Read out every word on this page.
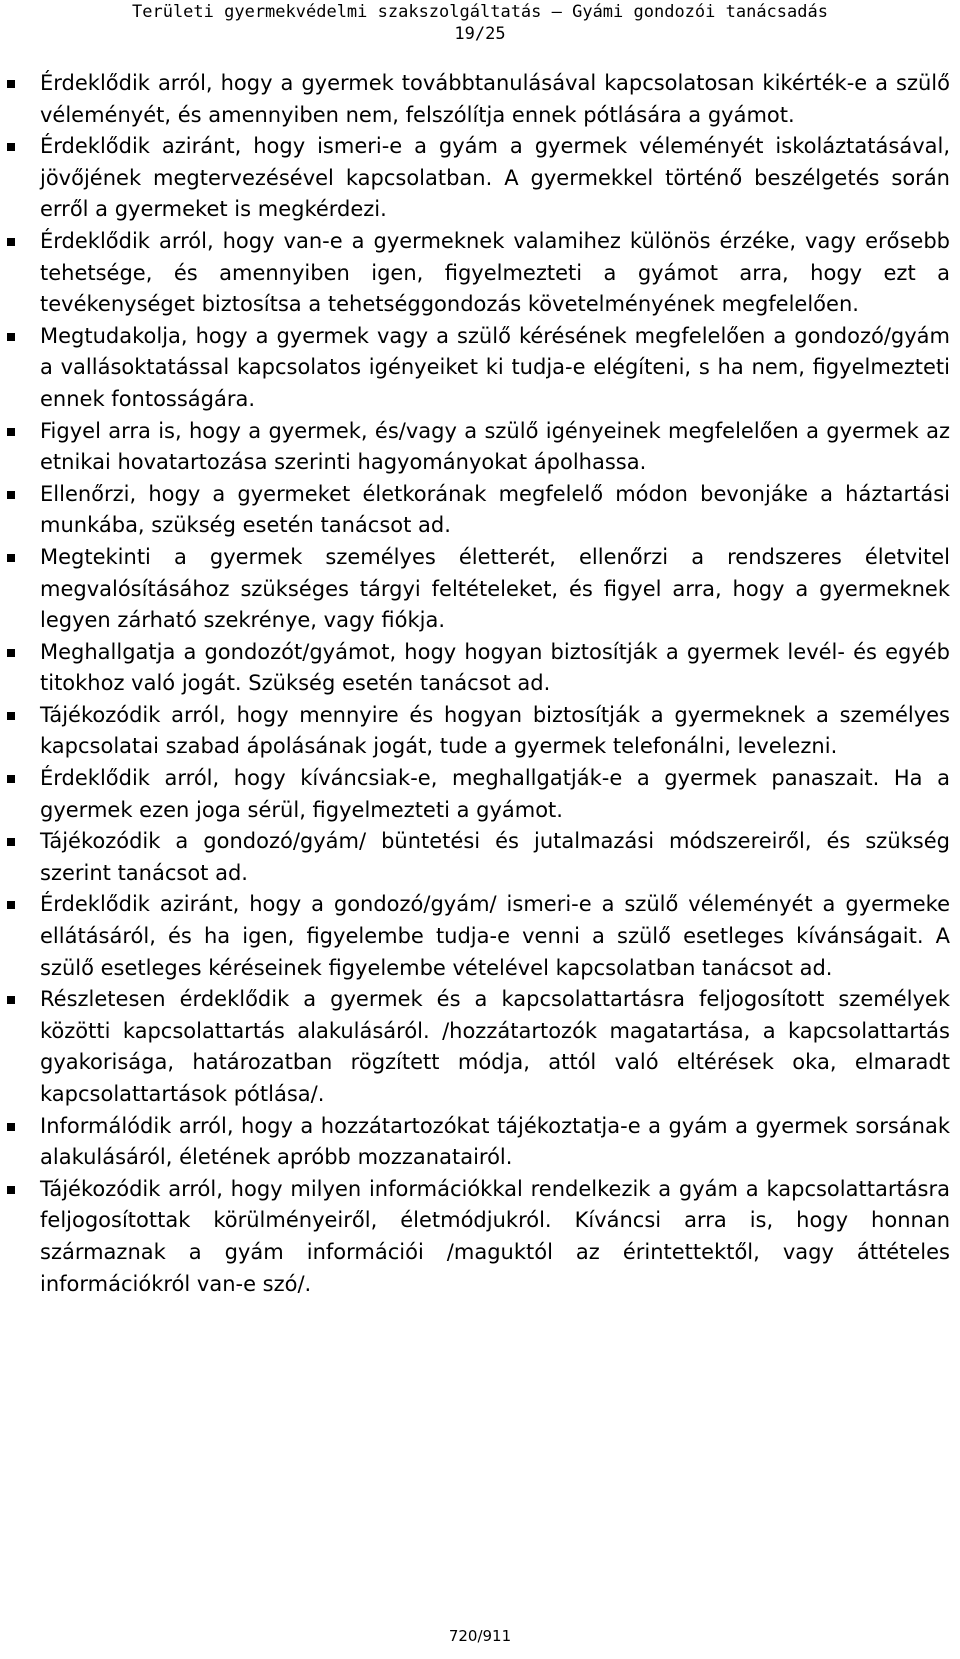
Területi gyermekvédelmi szakszolgáltatás – Gyámi gondozói tanácsadás
19/25
Érdeklődik arról, hogy a gyermek továbbtanulásával kapcsolatosan kikérték-e a szülő véleményét, és amennyiben nem, felszólítja ennek pótlására a gyámot.
Érdeklődik aziránt, hogy ismeri-e a gyám a gyermek véleményét iskoláztatásával, jövőjének megtervezésével kapcsolatban. A gyermekkel történő beszélgetés során erről a gyermeket is megkérdezi.
Érdeklődik arról, hogy van-e a gyermeknek valamihez különös érzéke, vagy erősebb tehetsége, és amennyiben igen, figyelmezteti a gyámot arra, hogy ezt a tevékenységet biztosítsa a tehetséggondozás követelményének megfelelően.
Megtudakolja, hogy a gyermek vagy a szülő kérésének megfelelően a gondozó/gyám a vallásoktatással kapcsolatos igényeiket ki tudja-e elégíteni, s ha nem, figyelmezteti ennek fontosságára.
Figyel arra is, hogy a gyermek, és/vagy a szülő igényeinek megfelelően a gyermek az etnikai hovatartozása szerinti hagyományokat ápolhassa.
Ellenőrzi, hogy a gyermeket életkorának megfelelő módon bevonjáke a háztartási munkába, szükség esetén tanácsot ad.
Megtekinti a gyermek személyes életterét, ellenőrzi a rendszeres életvitel megvalósításához szükséges tárgyi feltételeket, és figyel arra, hogy a gyermeknek legyen zárható szekrénye, vagy fiókja.
Meghallgatja a gondozót/gyámot, hogy hogyan biztosítják a gyermek levél- és egyéb titokhoz való jogát. Szükség esetén tanácsot ad.
Tájékozódik arról, hogy mennyire és hogyan biztosítják a gyermeknek a személyes kapcsolatai szabad ápolásának jogát, tude a gyermek telefonálni, levelezni.
Érdeklődik arról, hogy kíváncsiak-e, meghallgatják-e a gyermek panaszait. Ha a gyermek ezen joga sérül, figyelmezteti a gyámot.
Tájékozódik a gondozó/gyám/ büntetési és jutalmazási módszereiről, és szükség szerint tanácsot ad.
Érdeklődik aziránt, hogy a gondozó/gyám/ ismeri-e a szülő véleményét a gyermeke ellátásáról, és ha igen, figyelembe tudja-e venni a szülő esetleges kívánságait. A szülő esetleges kéréseinek figyelembe vételével kapcsolatban tanácsot ad.
Részletesen érdeklődik a gyermek és a kapcsolattartásra feljogosított személyek közötti kapcsolattartás alakulásáról. /hozzátartozók magatartása, a kapcsolattartás gyakorisága, határozatban rögzített módja, attól való eltérések oka, elmaradt kapcsolattartások pótlása/.
Informálódik arról, hogy a hozzátartozókat tájékoztatja-e a gyám a gyermek sorsának alakulásáról, életének apróbb mozzanatairól.
Tájékozódik arról, hogy milyen információkkal rendelkezik a gyám a kapcsolattartásra feljogosítottak körülményeiről, életmódjukról. Kíváncsi arra is, hogy honnan származnak a gyám információi /maguktól az érintettektől, vagy áttételes információkról van-e szó/.
720/911
